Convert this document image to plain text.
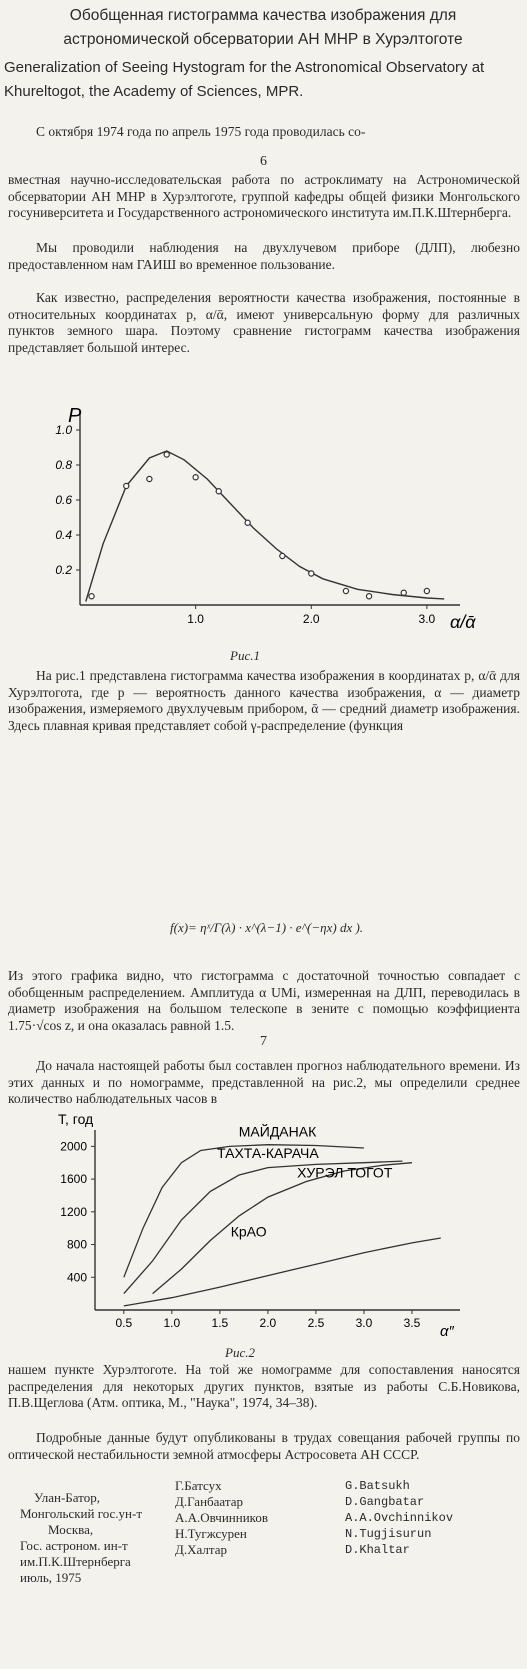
Обобщенная гистограмма качества изображения для астрономической обсерватории АН МНР в Хурэлтоготе
Generalization of Seeing Hystogram for the Astronomical Observatory at Khureltogot, the Academy of Sciences, MPR.
С октября 1974 года по апрель 1975 года проводилась со-
6
вместная научно-исследовательская работа по астроклимату на Астрономической обсерватории АН МНР в Хурэлтоготе, группой кафедры общей физики Монгольского госуниверситета и Государственного астрономического института им.П.К.Штернберга.
Мы проводили наблюдения на двухлучевом приборе (ДЛП), любезно предоставленном нам ГАИШ во временное пользование.
Как известно, распределения вероятности качества изображения, постоянные в относительных координатах p, α/ᾱ, имеют универсальную форму для различных пунктов земного шара. Поэтому сравнение гистограмм качества изображения представляет большой интерес.
0.2
0.4
0.6
0.8
1.0
1.0	2.0	3.0
P
α/ᾱ
Рис.1
На рис.1 представлена гистограмма качества изображения в координатах p, α/ᾱ для Хурэлтогота, где p — вероятность данного качества изображения, α — диаметр изображения, измеряемого двухлучевым прибором, ᾱ — средний диаметр изображения. Здесь плавная кривая представляет собой γ-распределение (функция
f(x)= ηˣ/Γ(λ) · x^(λ−1) · e^(−ηx) dx ).
Из этого графика видно, что гистограмма с достаточной точностью совпадает с обобщенным распределением. Амплитуда α UMi, измеренная на ДЛП, переводилась в диаметр изображения на большом телескопе в зените с помощью коэффициента 1.75·√cos z, и она оказалась равной 1.5.
7
До начала настоящей работы был составлен прогноз наблюдательного времени. Из этих данных и по номограмме, представленной на рис.2, мы определили среднее количество наблюдательных часов в
400
800
1200
1600
2000
0.5	1.0	1.5	2.0	2.5	3.0	3.5
МАЙДАНАК
ТАХТА-КАРАЧА
ХУРЭЛ ТОГОТ
КрАО
T, год
α″
Рис.2
нашем пункте Хурэлтоготе. На той же номограмме для сопоставления наносятся распределения для некоторых других пунктов, взятые из работы С.Б.Новикова, П.В.Щеглова (Атм. оптика, М., "Наука", 1974, 34–38).
Подробные данные будут опубликованы в трудах совещания рабочей группы по оптической нестабильности земной атмосферы Астросовета АН СССР.
Улан-Батор,
Монгольский гос.ун-т
Москва,
Гос. астроном. ин-т
им.П.К.Штернберга
июль, 1975
Г.Батсух
Д.Ганбаатар
А.А.Овчинников
Н.Тугжсурен
Д.Халтар
G.Batsukh
D.Gangbatar
A.A.Ovchinnikov
N.Tugjisurun
D.Khaltar
